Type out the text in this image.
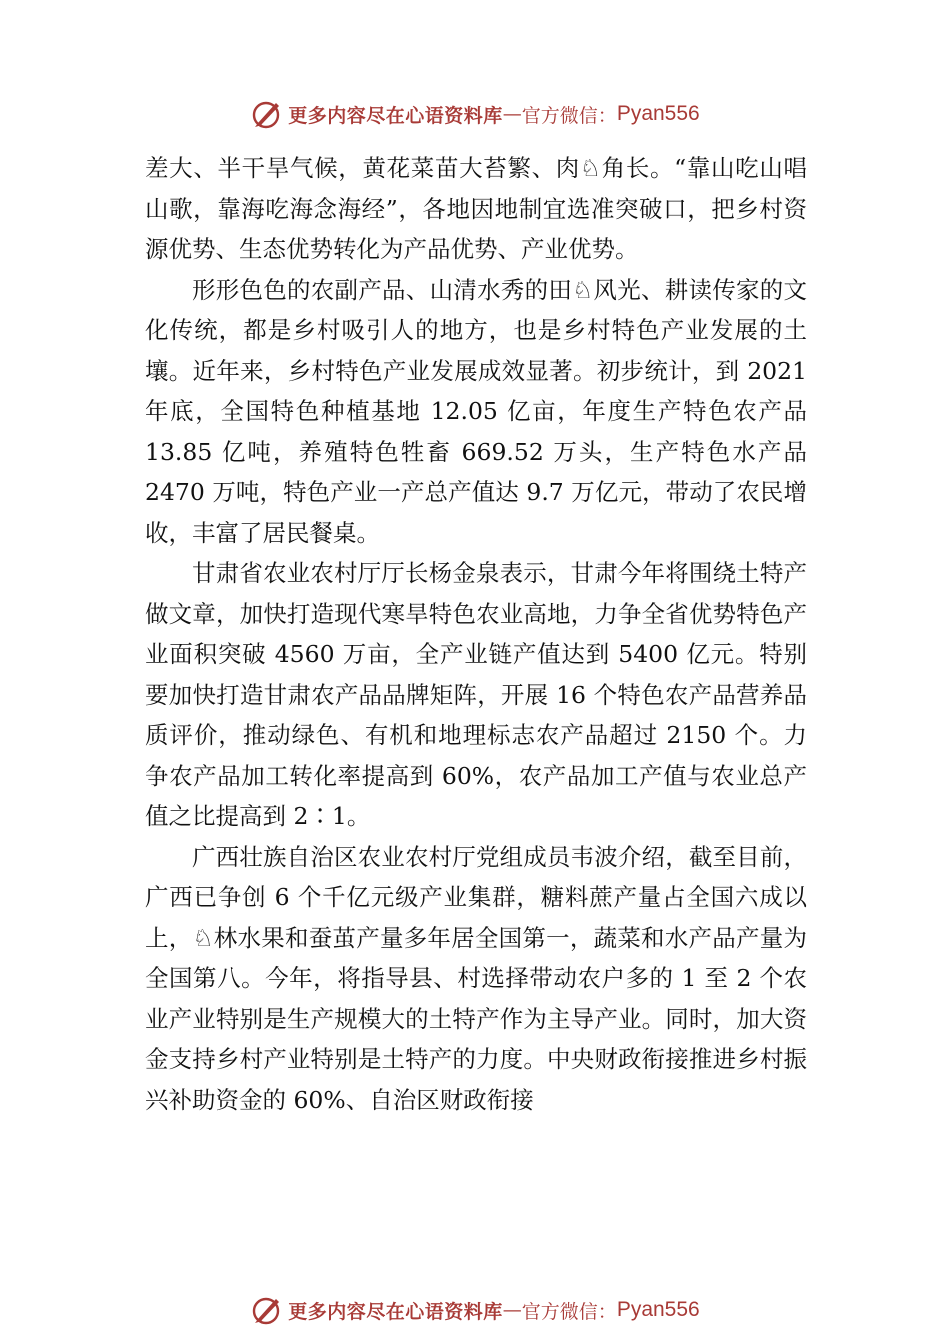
更多内容尽在心语资料库 — 官方微信： Pyan556

差大、半干旱气候，黄花菜苗大苔繁、肉♘角长。“靠山吃山唱山歌，靠海吃海念海经”，各地因地制宜选准突破口，把乡村资源优势、生态优势转化为产品优势、产业优势。

形形色色的农副产品、山清水秀的田♘风光、耕读传家的文化传统，都是乡村吸引人的地方，也是乡村特色产业发展的土壤。近年来，乡村特色产业发展成效显著。初步统计，到 2021 年底，全国特色种植基地 12.05 亿亩，年度生产特色农产品 13.85 亿吨，养殖特色牲畜 669.52 万头，生产特色水产品 2470 万吨，特色产业一产总产值达 9.7 万亿元，带动了农民增收，丰富了居民餐桌。

甘肃省农业农村厅厅长杨金泉表示，甘肃今年将围绕土特产做文章，加快打造现代寒旱特色农业高地，力争全省优势特色产业面积突破 4560 万亩，全产业链产值达到 5400 亿元。特别要加快打造甘肃农产品品牌矩阵，开展 16 个特色农产品营养品质评价，推动绿色、有机和地理标志农产品超过 2150 个。力争农产品加工转化率提高到 60%，农产品加工产值与农业总产值之比提高到 2∶1。

广西壮族自治区农业农村厅党组成员韦波介绍，截至目前，广西已争创 6 个千亿元级产业集群，糖料蔗产量占全国六成以上，♘林水果和蚕茧产量多年居全国第一，蔬菜和水产品产量为全国第八。今年，将指导县、村选择带动农户多的 1 至 2 个农业产业特别是生产规模大的土特产作为主导产业。同时，加大资金支持乡村产业特别是土特产的力度。中央财政衔接推进乡村振兴补助资金的 60%、自治区财政衔接

更多内容尽在心语资料库 — 官方微信： Pyan556
